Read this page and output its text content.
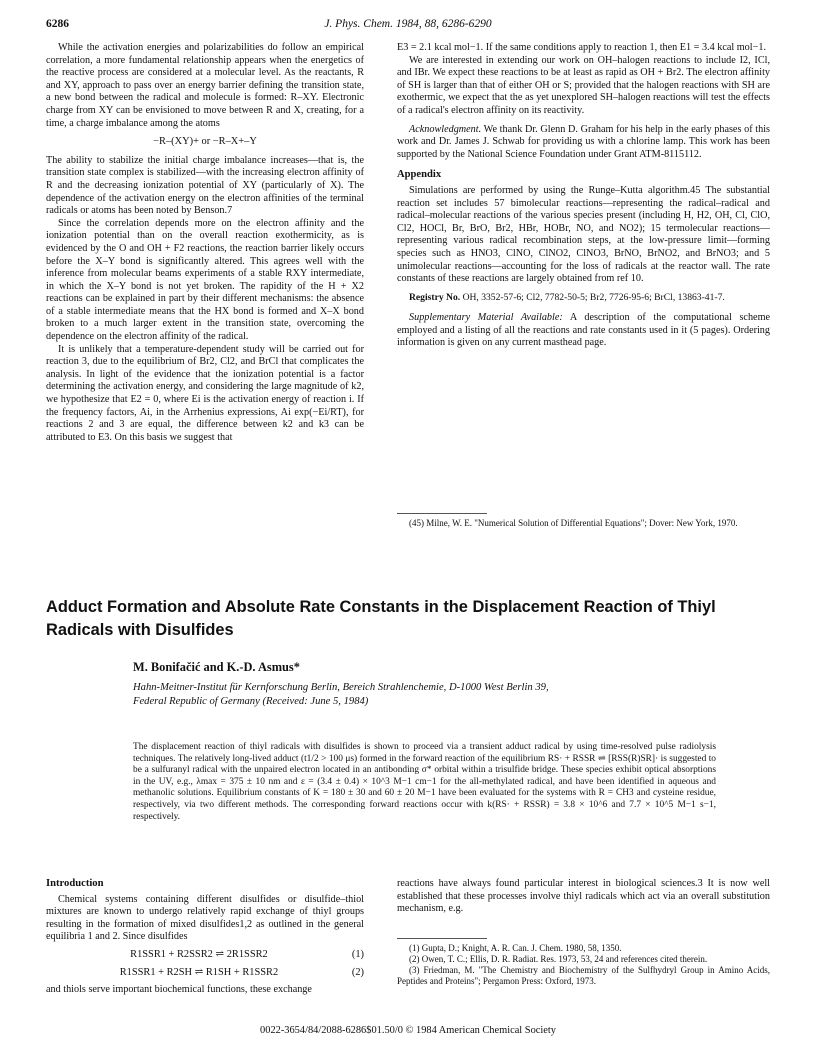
6286	J. Phys. Chem. 1984, 88, 6286-6290

While the activation energies and polarizabilities do follow an empirical correlation, a more fundamental relationship appears when the energetics of the reactive process are considered at a molecular level. As the reactants, R and XY, approach to pass over an energy barrier defining the transition state, a new bond between the radical and molecule is formed: R–XY. Electronic charge from XY can be envisioned to move between R and X, creating, for a time, a charge imbalance among the atoms

−R–(XY)+ or −R–X+–Y

The ability to stabilize the initial charge imbalance increases—that is, the transition state complex is stabilized—with the increasing electron affinity of R and the decreasing ionization potential of XY (particularly of X). The dependence of the activation energy on the electron affinities of the terminal radicals or atoms has been noted by Benson.7

Since the correlation depends more on the electron affinity and the ionization potential than on the overall reaction exothermicity, as is evidenced by the O and OH + F2 reactions, the reaction barrier likely occurs before the X–Y bond is significantly altered. This agrees well with the inference from molecular beams experiments of a stable RXY intermediate, in which the X–Y bond is not yet broken. The rapidity of the H + X2 reactions can be explained in part by their different mechanisms: the absence of a stable intermediate means that the HX bond is formed and X–X bond broken to a much larger extent in the transition state, overcoming the dependence on the electron affinity of the radical.

It is unlikely that a temperature-dependent study will be carried out for reaction 3, due to the equilibrium of Br2, Cl2, and BrCl that complicates the analysis. In light of the evidence that the ionization potential is a factor determining the activation energy, and considering the large magnitude of k2, we hypothesize that E2 = 0, where Ei is the activation energy of reaction i. If the frequency factors, Ai, in the Arrhenius expressions, Ai exp(−Ei/RT), for reactions 2 and 3 are equal, the difference between k2 and k3 can be attributed to E3. On this basis we suggest that

E3 = 2.1 kcal mol−1. If the same conditions apply to reaction 1, then E1 = 3.4 kcal mol−1.

We are interested in extending our work on OH–halogen reactions to include I2, ICl, and IBr. We expect these reactions to be at least as rapid as OH + Br2. The electron affinity of SH is larger than that of either OH or S; provided that the halogen reactions with SH are exothermic, we expect that the as yet unexplored SH–halogen reactions will test the effects of a radical's electron affinity on its reactivity.

Acknowledgment. We thank Dr. Glenn D. Graham for his help in the early phases of this work and Dr. James J. Schwab for providing us with a chlorine lamp. This work has been supported by the National Science Foundation under Grant ATM-8115112.

Appendix

Simulations are performed by using the Runge–Kutta algorithm.45 The substantial reaction set includes 57 bimolecular reactions—representing the radical–radical and radical–molecular reactions of the various species present (including H, H2, OH, Cl, ClO, Cl2, HOCl, Br, BrO, Br2, HBr, HOBr, NO, and NO2); 15 termolecular reactions—representing various radical recombination steps, at the low-pressure limit—forming species such as HNO3, ClNO, ClNO2, ClNO3, BrNO, BrNO2, and BrNO3; and 5 unimolecular reactions—accounting for the loss of radicals at the reactor wall. The rate constants of these reactions are largely obtained from ref 10.

Registry No. OH, 3352-57-6; Cl2, 7782-50-5; Br2, 7726-95-6; BrCl, 13863-41-7.

Supplementary Material Available: A description of the computational scheme employed and a listing of all the reactions and rate constants used in it (5 pages). Ordering information is given on any current masthead page.

(45) Milne, W. E. "Numerical Solution of Differential Equations"; Dover: New York, 1970.

Adduct Formation and Absolute Rate Constants in the Displacement Reaction of Thiyl Radicals with Disulfides
M. Bonifačić and K.-D. Asmus*
Hahn-Meitner-Institut für Kernforschung Berlin, Bereich Strahlenchemie, D-1000 West Berlin 39,
Federal Republic of Germany (Received: June 5, 1984)
The displacement reaction of thiyl radicals with disulfides is shown to proceed via a transient adduct radical by using time-resolved pulse radiolysis techniques. The relatively long-lived adduct (t1/2 > 100 μs) formed in the forward reaction of the equilibrium RS· + RSSR ⇌ [RSS(R)SR]· is suggested to be a sulfuranyl radical with the unpaired electron located in an antibonding σ* orbital within a trisulfide bridge. These species exhibit optical absorptions in the UV, e.g., λmax = 375 ± 10 nm and ε = (3.4 ± 0.4) × 10^3 M−1 cm−1 for the all-methylated radical, and have been identified in aqueous and methanolic solutions. Equilibrium constants of K = 180 ± 30 and 60 ± 20 M−1 have been evaluated for the systems with R = CH3 and cysteine residue, respectively, via two different methods. The corresponding forward reactions occur with k(RS· + RSSR) = 3.8 × 10^6 and 7.7 × 10^5 M−1 s−1, respectively.
Introduction

Chemical systems containing different disulfides or disulfide–thiol mixtures are known to undergo relatively rapid exchange of thiyl groups resulting in the formation of mixed disulfides1,2 as outlined in the general equilibria 1 and 2. Since disulfides

R1SSR1 + R2SSR2 ⇌ 2R1SSR2	(1)
R1SSR1 + R2SH ⇌ R1SH + R1SSR2	(2)

and thiols serve important biochemical functions, these exchange

reactions have always found particular interest in biological sciences.3 It is now well established that these processes involve thiyl radicals which act via an overall substitution mechanism, e.g.

(1) Gupta, D.; Knight, A. R. Can. J. Chem. 1980, 58, 1350.

(2) Owen, T. C.; Ellis, D. R. Radiat. Res. 1973, 53, 24 and references cited therein.

(3) Friedman, M. "The Chemistry and Biochemistry of the Sulfhydryl Group in Amino Acids, Peptides and Proteins"; Pergamon Press: Oxford, 1973.

0022-3654/84/2088-6286$01.50/0 © 1984 American Chemical Society
